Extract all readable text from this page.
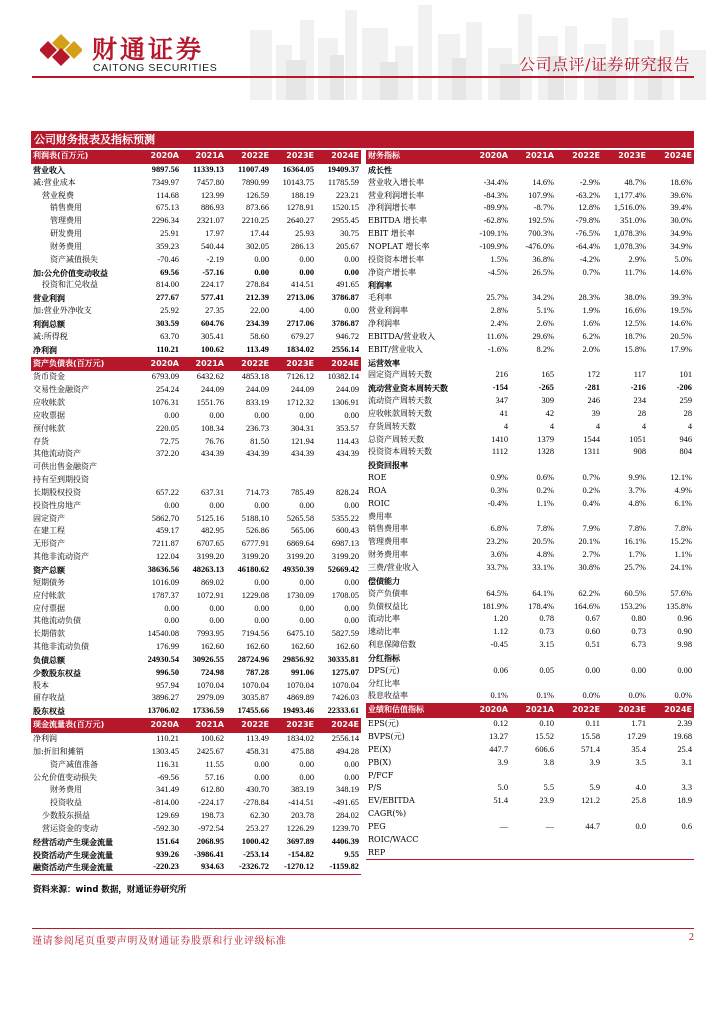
财通证券
CAITONG SECURITIES	公司点评/证券研究报告
公司财务报表及指标预测
利润表(百万元)	2020A	2021A	2022E	2023E	2024E
营业收入	9897.56	11339.13	11007.49	16364.05	19409.37
减:营业成本	7349.97	7457.80	7890.99	10143.75	11785.59
营业税费	114.68	123.99	126.59	188.19	223.21
销售费用	675.13	886.93	873.66	1278.91	1520.15
管理费用	2296.34	2321.07	2210.25	2640.27	2955.45
研发费用	25.91	17.97	17.44	25.93	30.75
财务费用	359.23	540.44	302.05	286.13	205.67
资产减值损失	-70.46	-2.19	0.00	0.00	0.00
加:公允价值变动收益	69.56	-57.16	0.00	0.00	0.00
投资和汇兑收益	814.00	224.17	278.84	414.51	491.65
营业利润	277.67	577.41	212.39	2713.06	3786.87
加:营业外净收支	25.92	27.35	22.00	4.00	0.00
利润总额	303.59	604.76	234.39	2717.06	3786.87
减:所得税	63.70	305.41	58.60	679.27	946.72
净利润	110.21	100.62	113.49	1834.02	2556.14
资产负债表(百万元)	2020A	2021A	2022E	2023E	2024E
货币资金	6793.09	6432.62	4853.18	7126.12	10382.14
交易性金融资产	254.24	244.09	244.09	244.09	244.09
应收帐款	1076.31	1551.76	833.19	1712.32	1306.91
应收票据	0.00	0.00	0.00	0.00	0.00
预付帐款	220.05	108.34	236.73	304.31	353.57
存货	72.75	76.76	81.50	121.94	114.43
其他流动资产	372.20	434.39	434.39	434.39	434.39
可供出售金融资产					
持有至到期投资					
长期股权投资	657.22	637.31	714.73	785.49	828.24
投资性房地产	0.00	0.00	0.00	0.00	0.00
固定资产	5862.70	5125.16	5188.10	5265.58	5355.22
在建工程	459.17	482.95	526.86	565.06	600.43
无形资产	7211.87	6707.65	6777.91	6869.64	6987.13
其他非流动资产	122.04	3199.20	3199.20	3199.20	3199.20
资产总额	38636.56	48263.13	46180.62	49350.39	52669.42
短期债务	1016.09	869.02	0.00	0.00	0.00
应付帐款	1787.37	1072.91	1229.08	1730.09	1708.05
应付票据	0.00	0.00	0.00	0.00	0.00
其他流动负债	0.00	0.00	0.00	0.00	0.00
长期借款	14540.08	7993.95	7194.56	6475.10	5827.59
其他非流动负债	176.99	162.60	162.60	162.60	162.60
负债总额	24930.54	30926.55	28724.96	29856.92	30335.81
少数股东权益	996.50	724.98	787.28	991.06	1275.07
股本	957.94	1070.04	1070.04	1070.04	1070.04
留存收益	3896.27	2979.09	3035.87	4869.89	7426.03
股东权益	13706.02	17336.59	17455.66	19493.46	22333.61
现金流量表(百万元)	2020A	2021A	2022E	2023E	2024E
净利润	110.21	100.62	113.49	1834.02	2556.14
加:折旧和摊销	1303.45	2425.67	458.31	475.88	494.28
资产减值准备	116.31	11.55	0.00	0.00	0.00
公允价值变动损失	-69.56	57.16	0.00	0.00	0.00
财务费用	341.49	612.80	430.70	383.19	348.19
投资收益	-814.00	-224.17	-278.84	-414.51	-491.65
少数股东损益	129.69	198.73	62.30	203.78	284.02
营运资金的变动	-592.30	-972.54	253.27	1226.29	1239.70
经营活动产生现金流量	151.64	2068.95	1000.42	3697.89	4406.39
投资活动产生现金流量	939.26	-3986.41	-253.14	-154.82	9.55
融资活动产生现金流量	-220.23	934.63	-2326.72	-1270.12	-1159.82
财务指标	2020A	2021A	2022E	2023E	2024E
成长性					
营业收入增长率	-34.4%	14.6%	-2.9%	48.7%	18.6%
营业利润增长率	-84.3%	107.9%	-63.2%	1,177.4%	39.6%
净利润增长率	-89.9%	-8.7%	12.8%	1,516.0%	39.4%
EBITDA 增长率	-62.8%	192.5%	-79.8%	351.0%	30.0%
EBIT 增长率	-109.1%	700.3%	-76.5%	1,078.3%	34.9%
NOPLAT 增长率	-109.9%	-476.0%	-64.4%	1,078.3%	34.9%
投资资本增长率	1.5%	36.8%	-4.2%	2.9%	5.0%
净资产增长率	-4.5%	26.5%	0.7%	11.7%	14.6%
利润率					
毛利率	25.7%	34.2%	28.3%	38.0%	39.3%
营业利润率	2.8%	5.1%	1.9%	16.6%	19.5%
净利润率	2.4%	2.6%	1.6%	12.5%	14.6%
EBITDA/营业收入	11.6%	29.6%	6.2%	18.7%	20.5%
EBIT/营业收入	-1.6%	8.2%	2.0%	15.8%	17.9%
运营效率					
固定资产周转天数	216	165	172	117	101
流动营业资本周转天数	-154	-265	-281	-216	-206
流动资产周转天数	347	309	246	234	259
应收帐款周转天数	41	42	39	28	28
存货周转天数	4	4	4	4	4
总资产周转天数	1410	1379	1544	1051	946
投资资本周转天数	1112	1328	1311	908	804
投资回报率					
ROE	0.9%	0.6%	0.7%	9.9%	12.1%
ROA	0.3%	0.2%	0.2%	3.7%	4.9%
ROIC	-0.4%	1.1%	0.4%	4.8%	6.1%
费用率					
销售费用率	6.8%	7.8%	7.9%	7.8%	7.8%
管理费用率	23.2%	20.5%	20.1%	16.1%	15.2%
财务费用率	3.6%	4.8%	2.7%	1.7%	1.1%
三费/营业收入	33.7%	33.1%	30.8%	25.7%	24.1%
偿债能力					
资产负债率	64.5%	64.1%	62.2%	60.5%	57.6%
负债权益比	181.9%	178.4%	164.6%	153.2%	135.8%
流动比率	1.20	0.78	0.67	0.80	0.96
速动比率	1.12	0.73	0.60	0.73	0.90
利息保障倍数	-0.45	3.15	0.51	6.73	9.98
分红指标					
DPS(元)	0.06	0.05	0.00	0.00	0.00
分红比率					
股息收益率	0.1%	0.1%	0.0%	0.0%	0.0%
业绩和估值指标	2020A	2021A	2022E	2023E	2024E
EPS(元)	0.12	0.10	0.11	1.71	2.39
BVPS(元)	13.27	15.52	15.58	17.29	19.68
PE(X)	447.7	606.6	571.4	35.4	25.4
PB(X)	3.9	3.8	3.9	3.5	3.1
P/FCF					
P/S	5.0	5.5	5.9	4.0	3.3
EV/EBITDA	51.4	23.9	121.2	25.8	18.9
CAGR(%)					
PEG	—	—	44.7	0.0	0.6
ROIC/WACC					
REP					
资料来源：wind 数据，财通证券研究所
谨请参阅尾页重要声明及财通证券股票和行业评级标准	2
